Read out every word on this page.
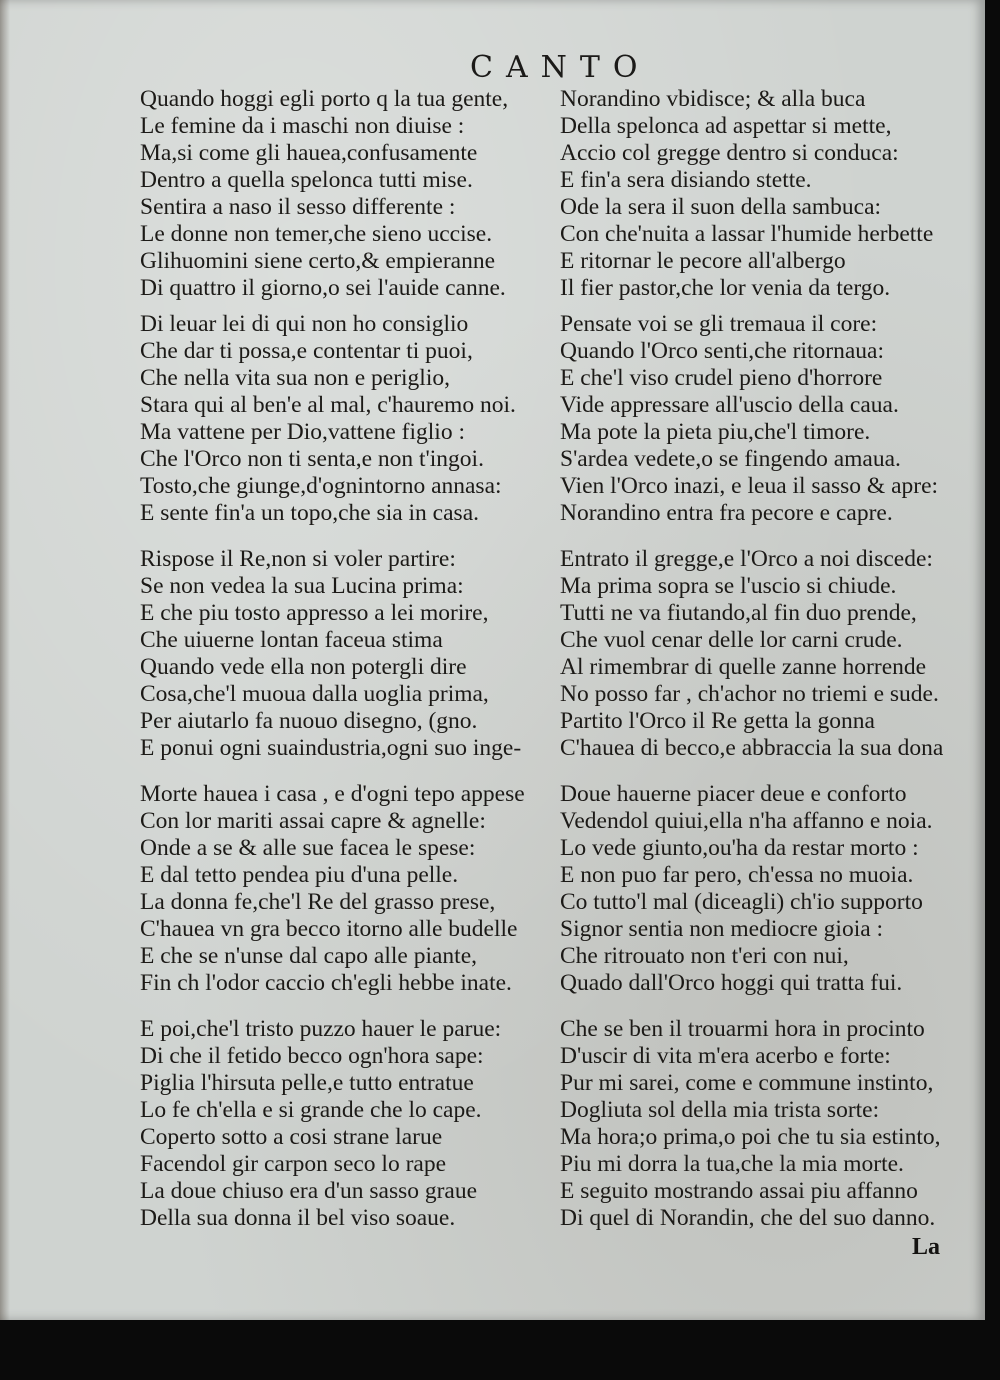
CANTO
Quando hoggi egli porto q la tua gente,
Le femine da i maschi non diuise :
Ma,si come gli hauea,confusamente
Dentro a quella spelonca tutti mise.
Sentira a naso il sesso differente :
Le donne non temer,che sieno uccise.
Glihuomini siene certo,& empieranne
Di quattro il giorno,o sei l'auide canne.
Di leuar lei di qui non ho consiglio
Che dar ti possa,e contentar ti puoi,
Che nella vita sua non e periglio,
Stara qui al ben'e al mal, c'hauremo noi.
Ma vattene per Dio,vattene figlio :
Che l'Orco non ti senta,e non t'ingoi.
Tosto,che giunge,d'ognintorno annasa:
E sente fin'a un topo,che sia in casa.
Rispose il Re,non si voler partire:
Se non vedea la sua Lucina prima:
E che piu tosto appresso a lei morire,
Che uiuerne lontan faceua stima
Quando vede ella non potergli dire
Cosa,che'l muoua dalla uoglia prima,
Per aiutarlo fa nuouo disegno, (gno.
E ponui ogni suaindustria,ogni suo inge-
Morte hauea i casa , e d'ogni tepo appese
Con lor mariti assai capre & agnelle:
Onde a se & alle sue facea le spese:
E dal tetto pendea piu d'una pelle.
La donna fe,che'l Re del grasso prese,
C'hauea vn gra becco itorno alle budelle
E che se n'unse dal capo alle piante,
Fin ch l'odor caccio ch'egli hebbe inate.
E poi,che'l tristo puzzo hauer le parue:
Di che il fetido becco ogn'hora sape:
Piglia l'hirsuta pelle,e tutto entratue
Lo fe ch'ella e si grande che lo cape.
Coperto sotto a cosi strane larue
Facendol gir carpon seco lo rape
La doue chiuso era d'un sasso graue
Della sua donna il bel viso soaue.
Norandino vbidisce; & alla buca
Della spelonca ad aspettar si mette,
Accio col gregge dentro si conduca:
E fin'a sera disiando stette.
Ode la sera il suon della sambuca:
Con che'nuita a lassar l'humide herbette
E ritornar le pecore all'albergo
Il fier pastor,che lor venia da tergo.
Pensate voi se gli tremaua il core:
Quando l'Orco senti,che ritornaua:
E che'l viso crudel pieno d'horrore
Vide appressare all'uscio della caua.
Ma pote la pieta piu,che'l timore.
S'ardea vedete,o se fingendo amaua.
Vien l'Orco inazi, e leua il sasso & apre:
Norandino entra fra pecore e capre.
Entrato il gregge,e l'Orco a noi discede:
Ma prima sopra se l'uscio si chiude.
Tutti ne va fiutando,al fin duo prende,
Che vuol cenar delle lor carni crude.
Al rimembrar di quelle zanne horrende
No posso far , ch'achor no triemi e sude.
Partito l'Orco il Re getta la gonna
C'hauea di becco,e abbraccia la sua dona
Doue hauerne piacer deue e conforto
Vedendol quiui,ella n'ha affanno e noia.
Lo vede giunto,ou'ha da restar morto :
E non puo far pero, ch'essa no muoia.
Co tutto'l mal (diceagli) ch'io supporto
Signor sentia non mediocre gioia :
Che ritrouato non t'eri con nui,
Quado dall'Orco hoggi qui tratta fui.
Che se ben il trouarmi hora in procinto
D'uscir di vita m'era acerbo e forte:
Pur mi sarei, come e commune instinto,
Dogliuta sol della mia trista sorte:
Ma hora;o prima,o poi che tu sia estinto,
Piu mi dorra la tua,che la mia morte.
E seguito mostrando assai piu affanno
Di quel di Norandin, che del suo danno.
La
